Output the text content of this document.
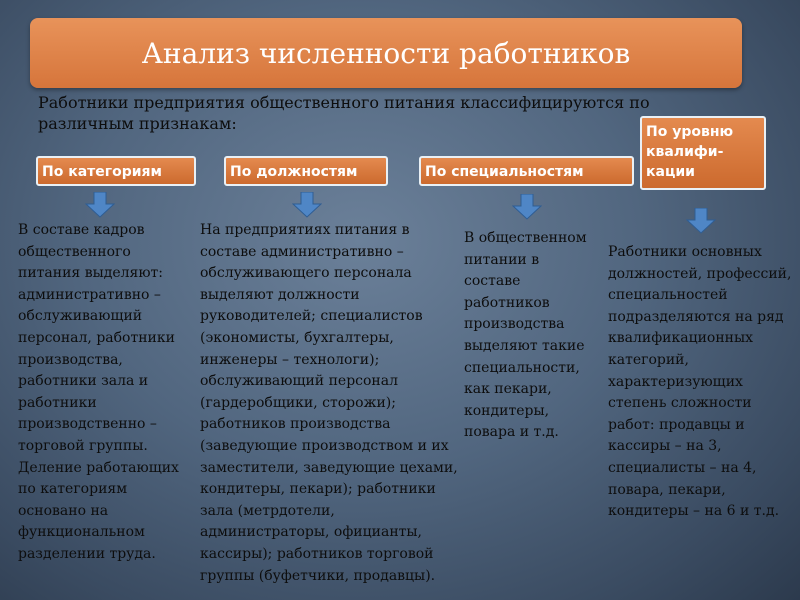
Анализ численности работников
Работники предприятия общественного питания классифицируются по различным признакам:
По категориям	По должностям	По специальностям
По уровню квалифи-кации
В составе кадров общественного питания выделяют: административно – обслуживающий персонал, работники производства, работники зала и работники производственно – торговой группы. Деление работающих по категориям основано на функциональном разделении труда.
На предприятиях питания в составе административно – обслуживающего персонала выделяют должности руководителей; специалистов (экономисты, бухгалтеры, инженеры – технологи); обслуживающий персонал (гардеробщики, сторожи); работников производства (заведующие производством и их заместители, заведующие цехами, кондитеры, пекари); работники зала (метрдотели, администраторы, официанты, кассиры); работников торговой группы (буфетчики, продавцы).
В общественном питании в составе работников производства выделяют такие специальности, как пекари, кондитеры, повара и т.д.
Работники основных должностей, профессий, специальностей подразделяются на ряд квалификационных категорий, характеризующих степень сложности работ: продавцы и кассиры – на 3, специалисты – на 4, повара, пекари, кондитеры – на 6 и т.д.
